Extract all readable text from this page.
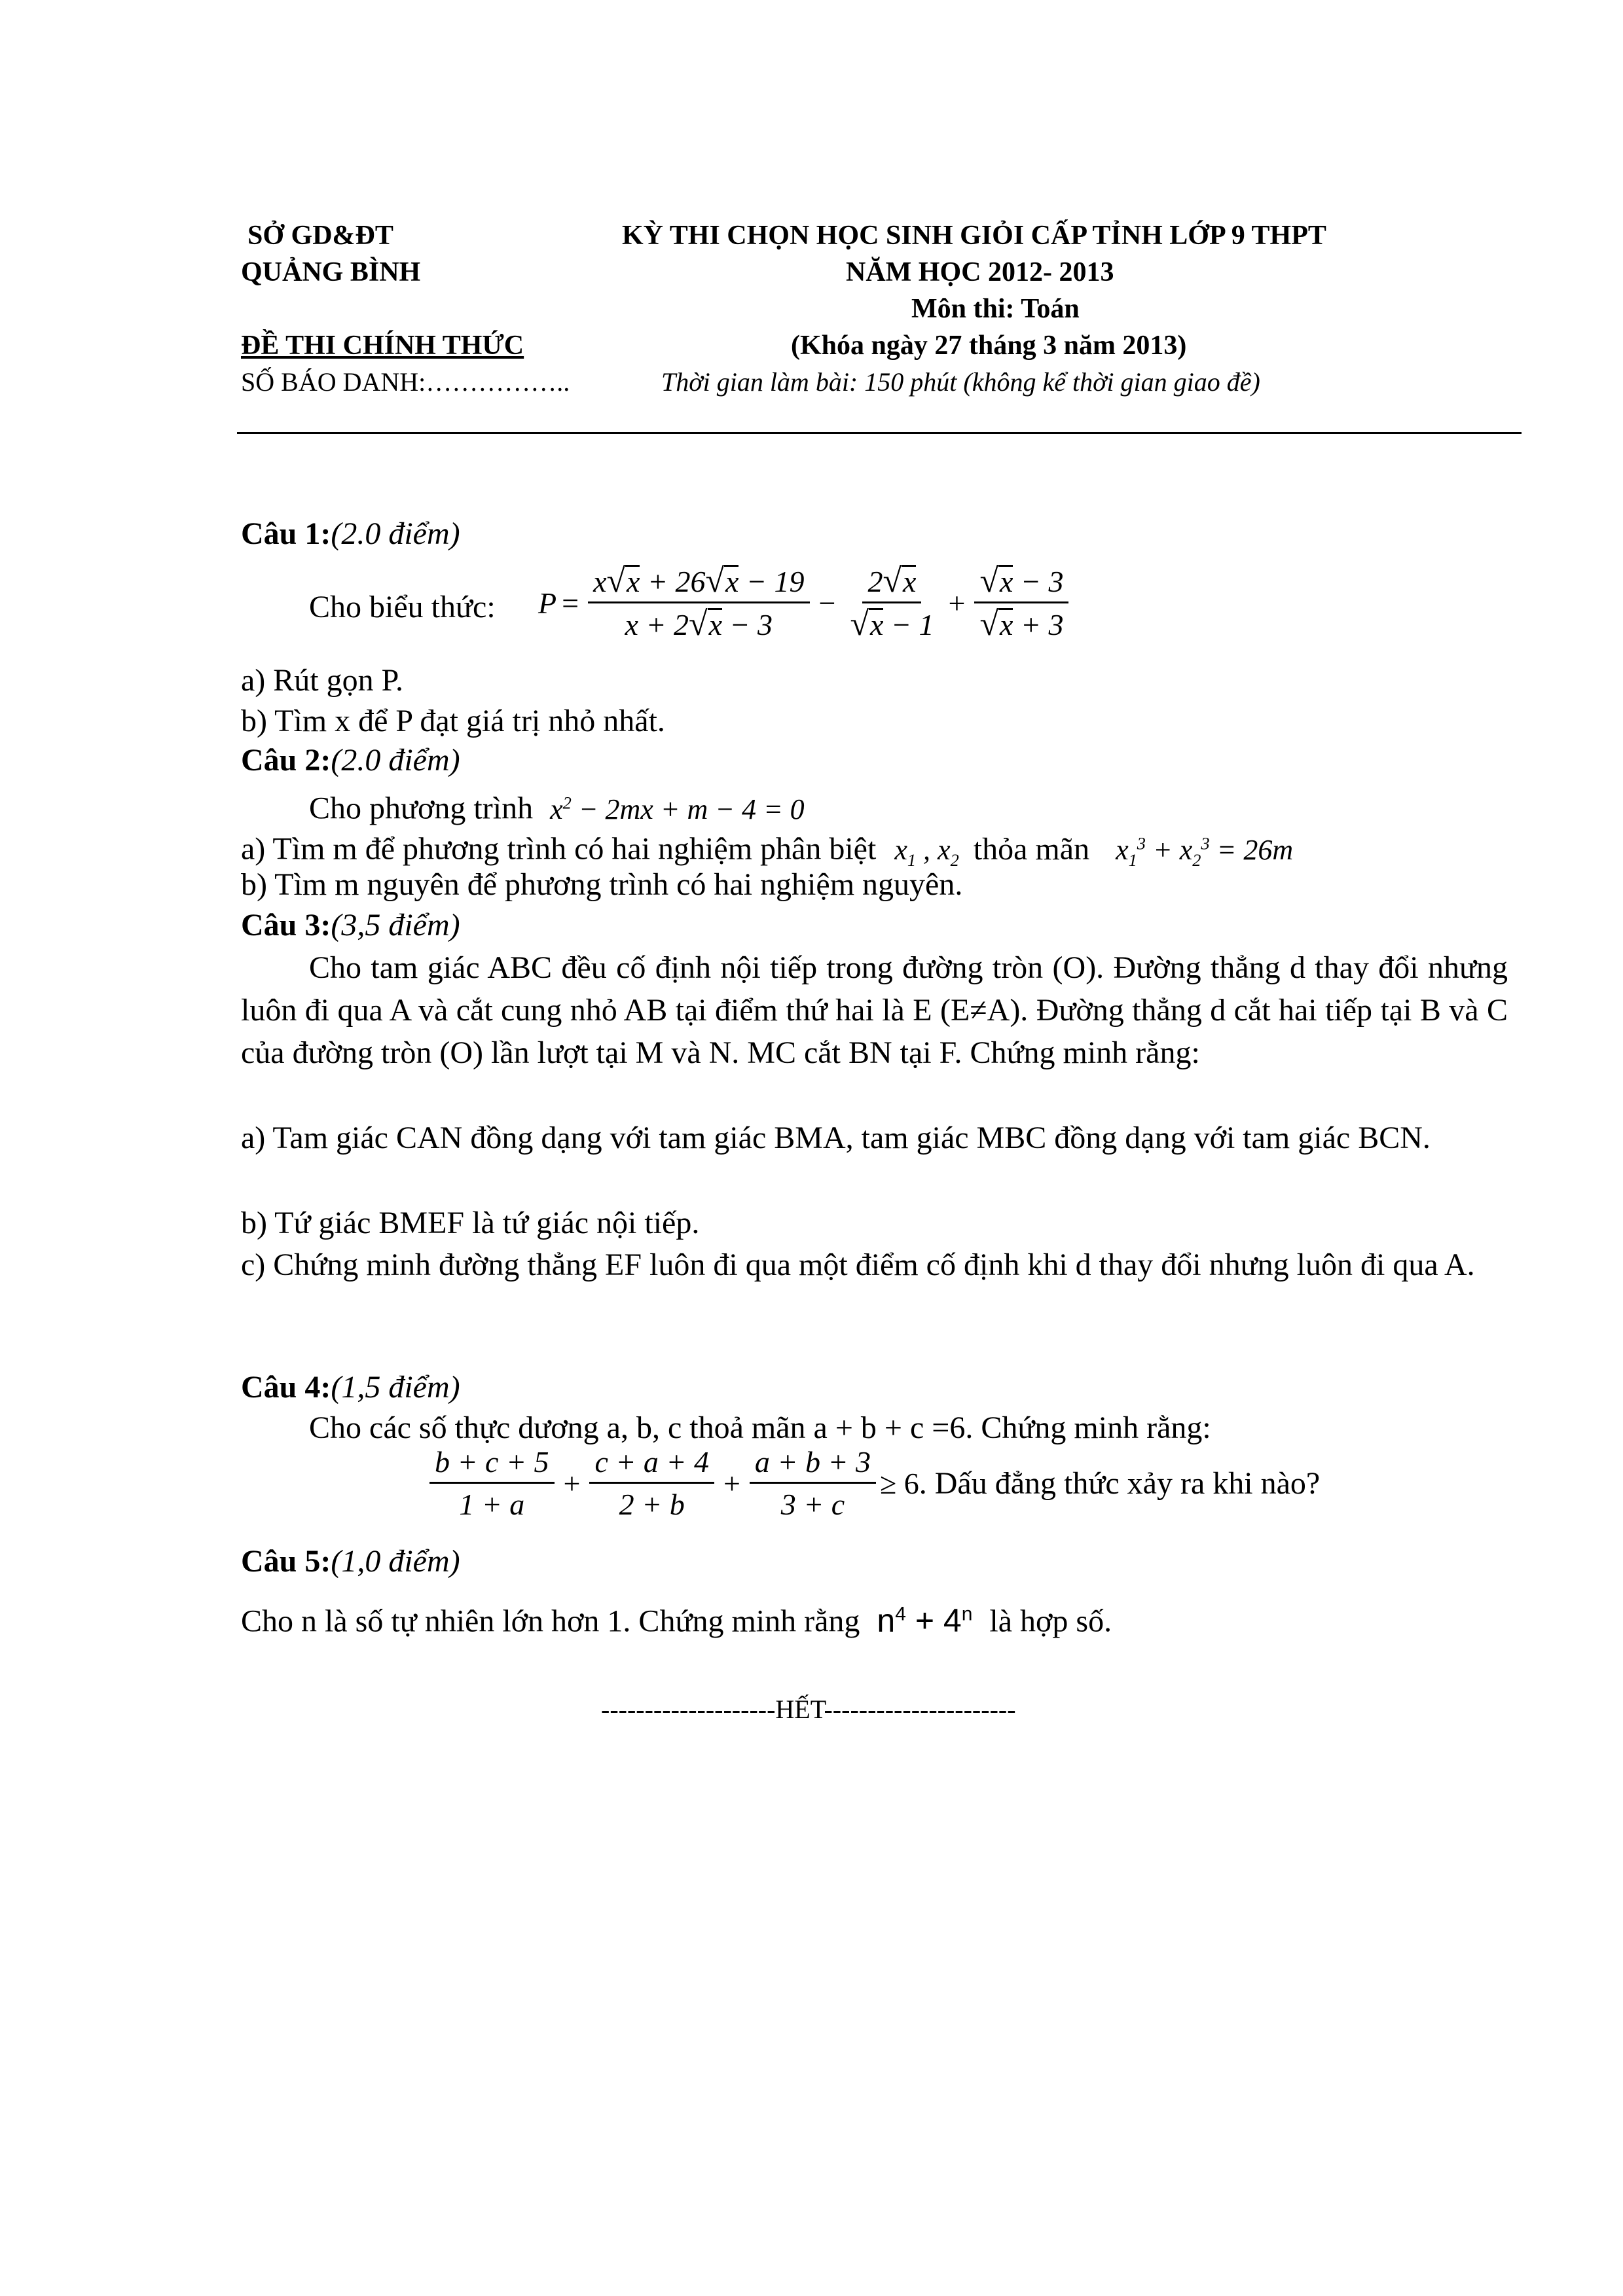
SỞ GD&ĐT
QUẢNG BÌNH
ĐỀ THI CHÍNH THỨC
SỐ BÁO DANH:……………..
KỲ THI CHỌN HỌC SINH GIỎI CẤP TỈNH LỚP 9 THPT
NĂM HỌC 2012- 2013
Môn thi: Toán
(Khóa ngày 27 tháng 3 năm 2013)
Thời gian làm bài: 150 phút (không kể thời gian giao đề)
Câu 1:(2.0 điểm)
Cho biểu thức: $P = \frac{x√x + 26√x - 19}{x + 2√x - 3} - \frac{2√x}{√x - 1} + \frac{√x - 3}{√x + 3}$
a) Rút gọn P.
b) Tìm x để P đạt giá trị nhỏ nhất.
Câu 2:(2.0 điểm)
Cho phương trình $x^2 - 2mx + m - 4 = 0$
a) Tìm m để phương trình có hai nghiệm phân biệt $x_1$ , $x_2$ thỏa mãn $x_1^3 + x_2^3 = 26m$
b) Tìm m nguyên để phương trình có hai nghiệm nguyên.
Câu 3:(3,5 điểm)
Cho tam giác ABC đều cố định nội tiếp trong đường tròn (O). Đường thẳng d thay đổi nhưng luôn đi qua A và cắt cung nhỏ AB tại điểm thứ hai là E (E≠A). Đường thẳng d cắt hai tiếp tại B và C của đường tròn (O) lần lượt tại M và N. MC cắt BN tại F. Chứng minh rằng:
a) Tam giác CAN đồng dạng với tam giác BMA, tam giác MBC đồng dạng với tam giác BCN.
b) Tứ giác BMEF là tứ giác nội tiếp.
c) Chứng minh đường thẳng EF luôn đi qua một điểm cố định khi d thay đổi nhưng luôn đi qua A.
Câu 4:(1,5 điểm)
Cho các số thực dương a, b, c thoả mãn a + b + c =6. Chứng minh rằng:
$\frac{b + c + 5}{1 + a} + \frac{c + a + 4}{2 + b} + \frac{a + b + 3}{3 + c} \ge 6$ . Dấu đẳng thức xảy ra khi nào?
Câu 5:(1,0 điểm)
Cho n là số tự nhiên lớn hơn 1. Chứng minh rằng $n^4 + 4^n$ là hợp số.
--------------------HẾT----------------------
